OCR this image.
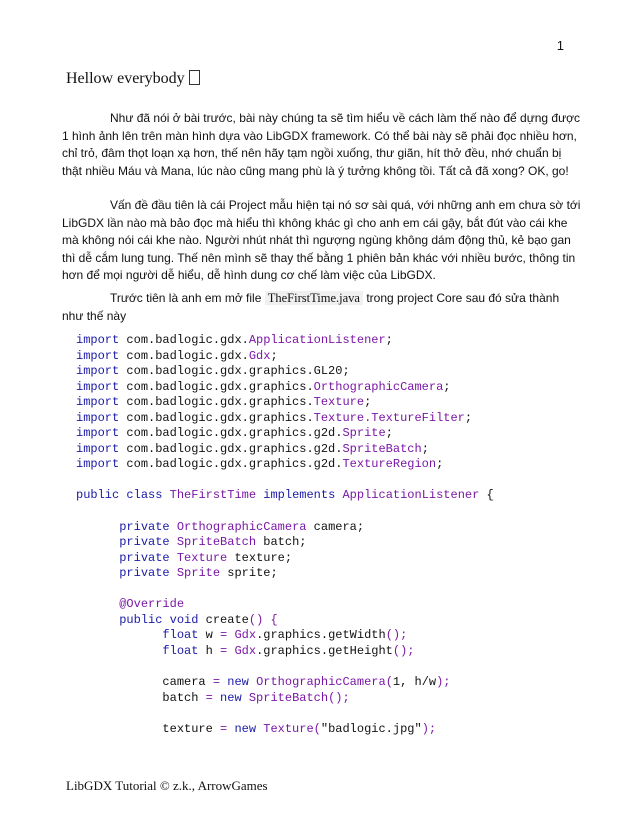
1
Hellow everybody

Như đã nói ở bài trước, bài này chúng ta sẽ tìm hiểu về cách làm thế nào để dựng được 1 hình ảnh lên trên màn hình dựa vào LibGDX framework. Có thể bài này sẽ phải đọc nhiều hơn, chỉ trỏ, đâm thọt loạn xạ hơn, thế nên hãy tạm ngồi xuống, thư giãn, hít thở đều, nhớ chuẩn bị thật nhiều Máu và Mana, lúc nào cũng mang phù là ý tưởng không tồi. Tất cả đã xong? OK, go!

Vấn đề đầu tiên là cái Project mẫu hiện tại nó sơ sài quá, với những anh em chưa sờ tới LibGDX lần nào mà bảo đọc mà hiểu thì không khác gì cho anh em cái gậy, bắt đút vào cái khe mà không nói cái khe nào. Người nhút nhát thì ngượng ngùng không dám động thủ, kẻ bạo gan thì dễ cắm lung tung. Thế nên mình sẽ thay thế bằng 1 phiên bản khác với nhiều bước, thông tin hơn để mọi người dễ hiểu, dễ hình dung cơ chế làm việc của LibGDX.

Trước tiên là anh em mở file TheFirstTime.java trong project Core sau đó sửa thành như thế này

import com.badlogic.gdx.ApplicationListener;
import com.badlogic.gdx.Gdx;
import com.badlogic.gdx.graphics.GL20;
import com.badlogic.gdx.graphics.OrthographicCamera;
import com.badlogic.gdx.graphics.Texture;
import com.badlogic.gdx.graphics.Texture.TextureFilter;
import com.badlogic.gdx.graphics.g2d.Sprite;
import com.badlogic.gdx.graphics.g2d.SpriteBatch;
import com.badlogic.gdx.graphics.g2d.TextureRegion;

public class TheFirstTime implements ApplicationListener {

private OrthographicCamera camera;
private SpriteBatch batch;
private Texture texture;
private Sprite sprite;

@Override
public void create() {
float w = Gdx.graphics.getWidth();
float h = Gdx.graphics.getHeight();

camera = new OrthographicCamera(1, h/w);
batch = new SpriteBatch();

texture = new Texture("badlogic.jpg");
LibGDX Tutorial © z.k., ArrowGames
